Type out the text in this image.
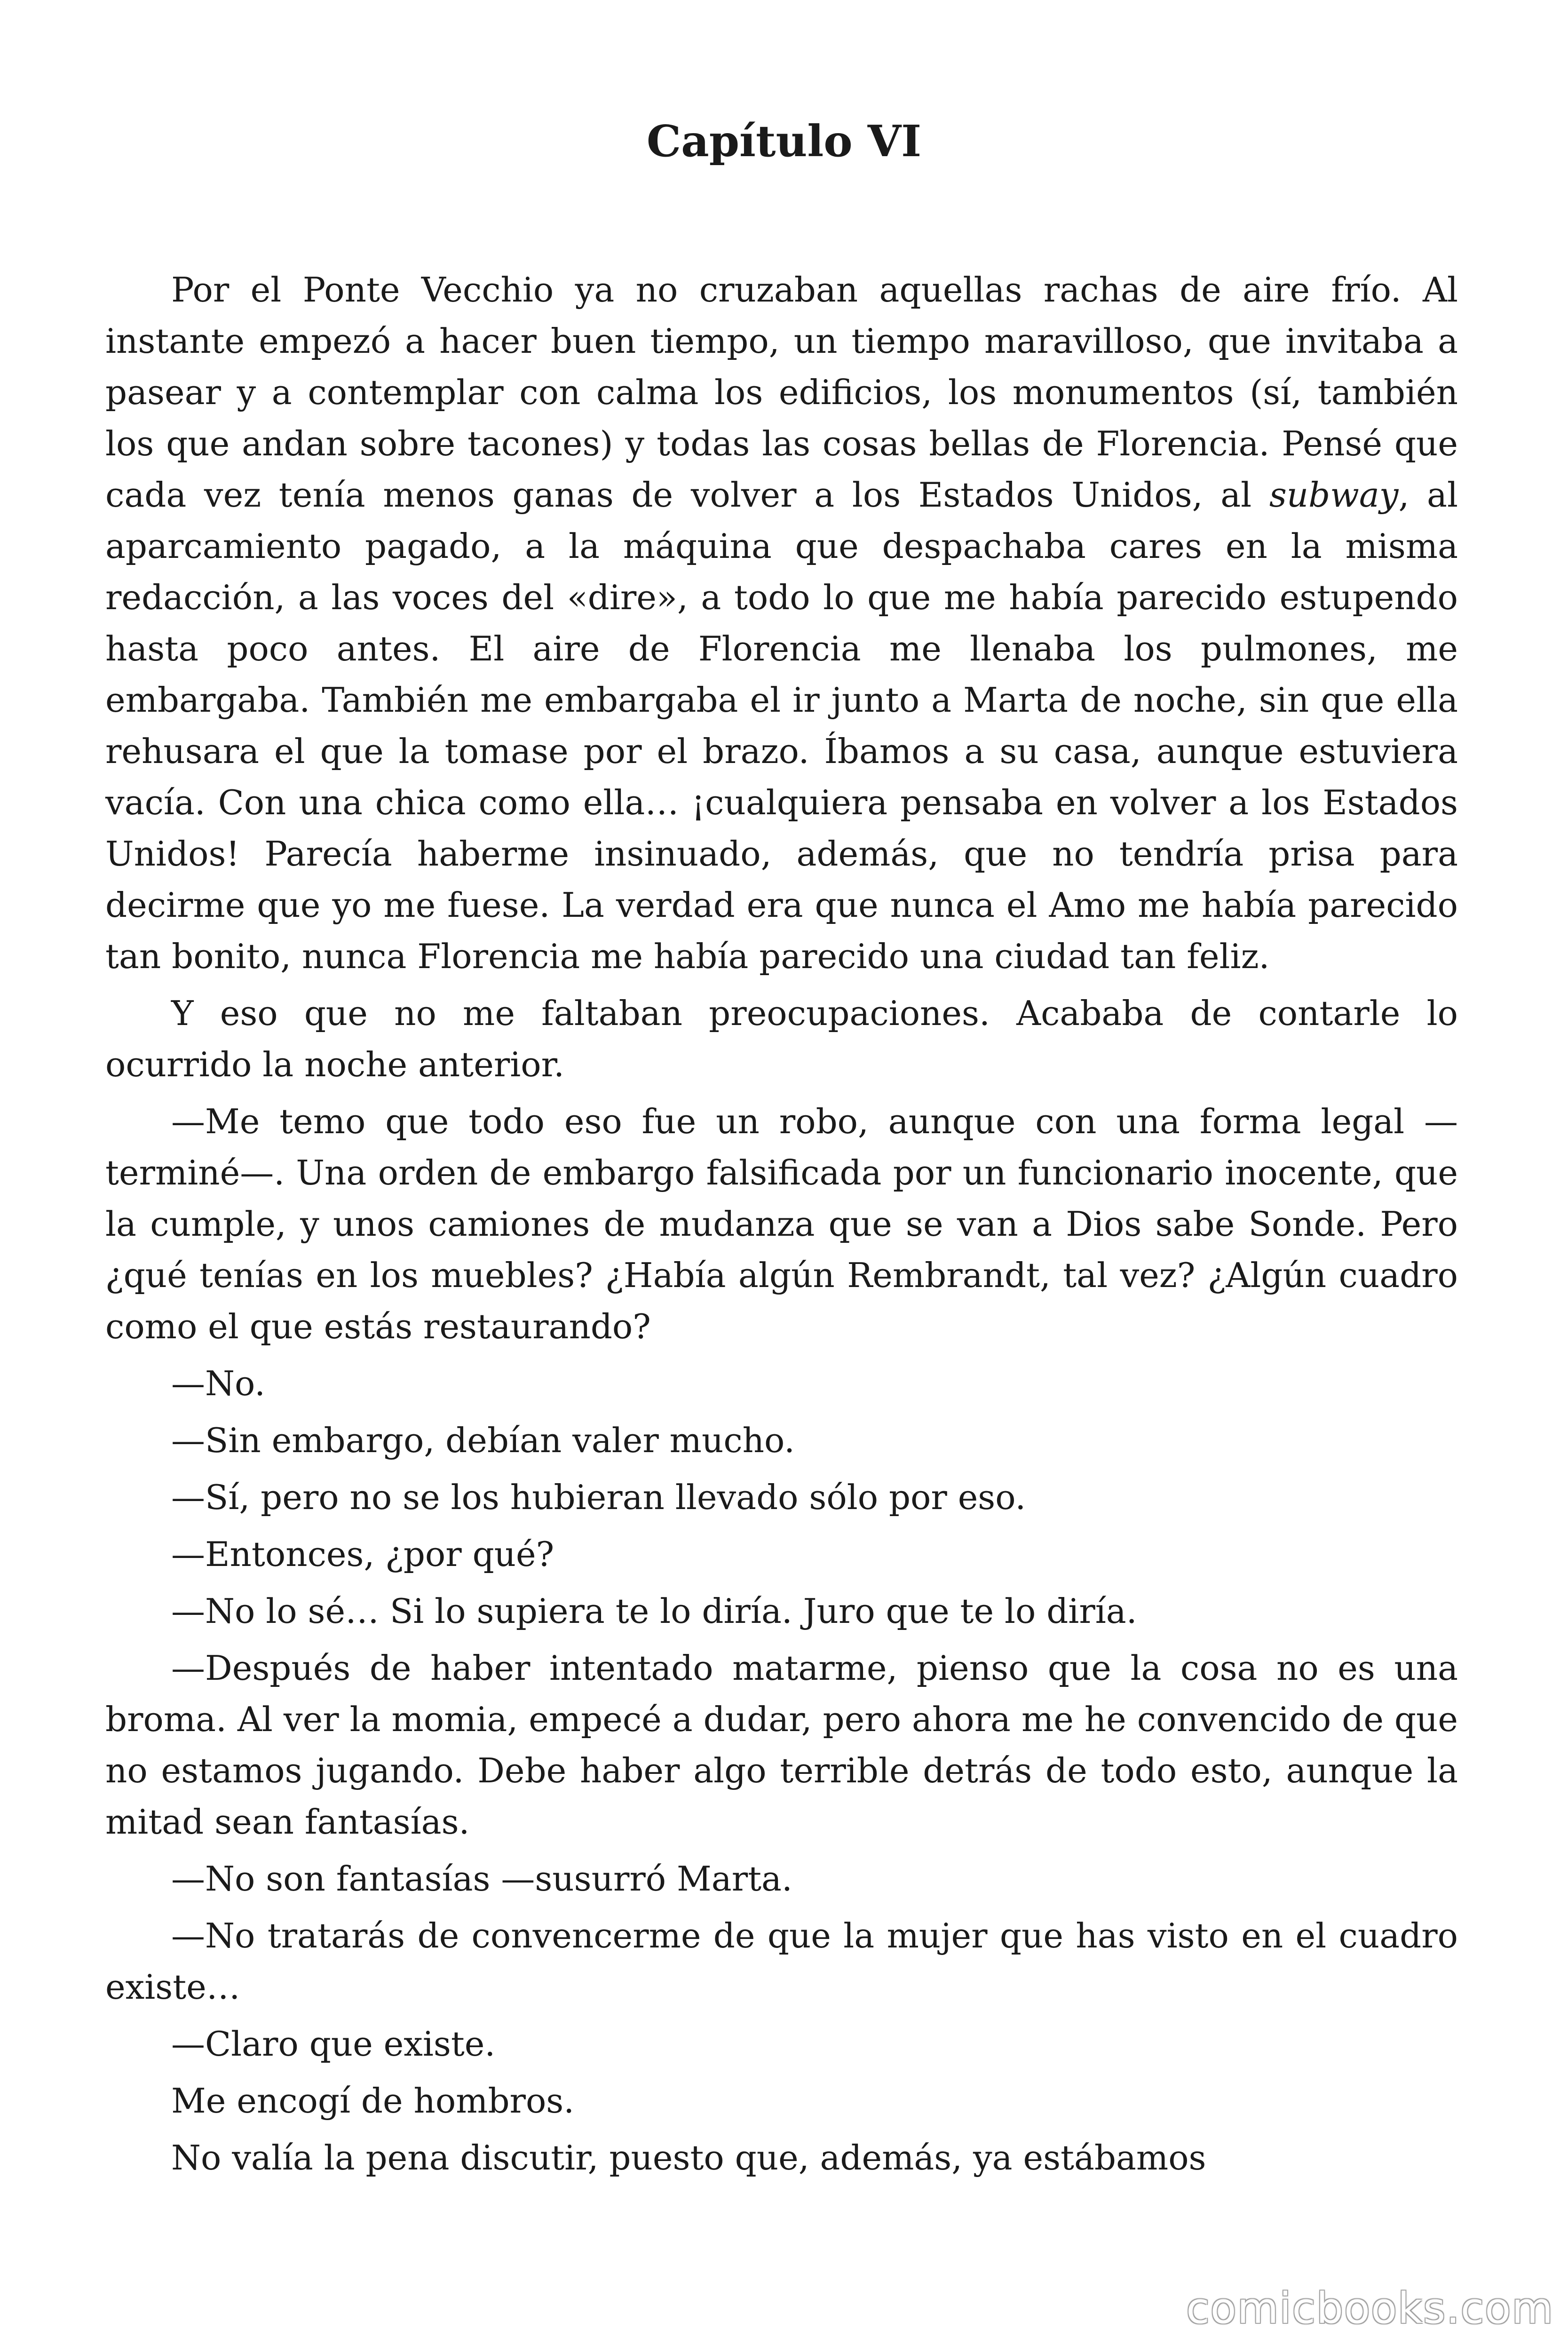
Capítulo VI

Por el Ponte Vecchio ya no cruzaban aquellas rachas de aire frío. Al instante empezó a hacer buen tiempo, un tiempo maravilloso, que invitaba a pasear y a contemplar con calma los edificios, los monumentos (sí, también los que andan sobre tacones) y todas las cosas bellas de Florencia. Pensé que cada vez tenía menos ganas de volver a los Estados Unidos, al subway, al aparcamiento pagado, a la máquina que despachaba cares en la misma redacción, a las voces del «dire», a todo lo que me había parecido estupendo hasta poco antes. El aire de Florencia me llenaba los pulmones, me embargaba. También me embargaba el ir junto a Marta de noche, sin que ella rehusara el que la tomase por el brazo. Íbamos a su casa, aunque estuviera vacía. Con una chica como ella… ¡cualquiera pensaba en volver a los Estados Unidos! Parecía haberme insinuado, además, que no tendría prisa para decirme que yo me fuese. La verdad era que nunca el Amo me había parecido tan bonito, nunca Florencia me había parecido una ciudad tan feliz.

Y eso que no me faltaban preocupaciones. Acababa de contarle lo ocurrido la noche anterior.

—Me temo que todo eso fue un robo, aunque con una forma legal —terminé—. Una orden de embargo falsificada por un funcionario inocente, que la cumple, y unos camiones de mudanza que se van a Dios sabe Sonde. Pero ¿qué tenías en los muebles? ¿Había algún Rembrandt, tal vez? ¿Algún cuadro como el que estás restaurando?

—No.

—Sin embargo, debían valer mucho.

—Sí, pero no se los hubieran llevado sólo por eso.

—Entonces, ¿por qué?

—No lo sé… Si lo supiera te lo diría. Juro que te lo diría.

—Después de haber intentado matarme, pienso que la cosa no es una broma. Al ver la momia, empecé a dudar, pero ahora me he convencido de que no estamos jugando. Debe haber algo terrible detrás de todo esto, aunque la mitad sean fantasías.

—No son fantasías —susurró Marta.

—No tratarás de convencerme de que la mujer que has visto en el cuadro existe…

—Claro que existe.

Me encogí de hombros.

No valía la pena discutir, puesto que, además, ya estábamos

comicbooks.com
